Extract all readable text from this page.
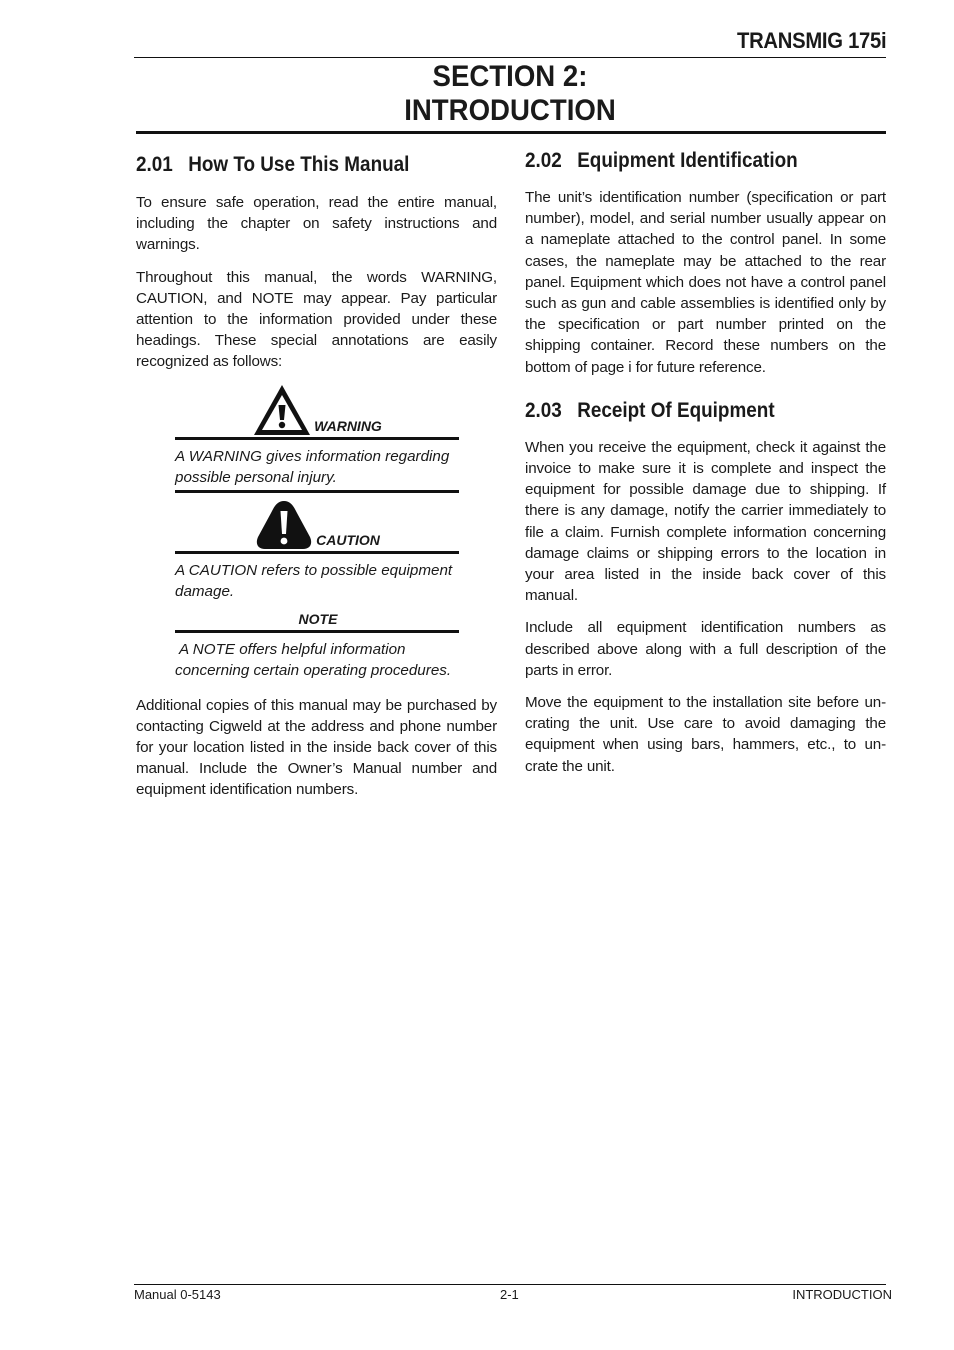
TRANSMIG 175i
SECTION 2:
INTRODUCTION
2.01 How To Use This Manual

To ensure safe operation, read the entire manual, including the chapter on safety instructions and warnings.

Throughout this manual, the words WARNING, CAUTION, and NOTE may appear. Pay particular attention to the information provided under these headings. These special annotations are easily recognized as follows:

WARNING
A WARNING gives information regarding possible personal injury.
CAUTION
A CAUTION refers to possible equipment damage.
NOTE
A NOTE offers helpful information concerning certain operating procedures.

Additional copies of this manual may be purchased by contacting Cigweld at the address and phone number for your location listed in the inside back cover of this manual. Include the Owner’s Manual number and equipment identification numbers.

2.02 Equipment Identification

The unit’s identification number (specification or part number), model, and serial number usually appear on a nameplate attached to the control panel. In some cases, the nameplate may be attached to the rear panel. Equipment which does not have a control panel such as gun and cable assemblies is identified only by the specification or part number printed on the shipping container. Record these numbers on the bottom of page i for future reference.

2.03 Receipt Of Equipment

When you receive the equipment, check it against the invoice to make sure it is complete and inspect the equipment for possible damage due to shipping. If there is any damage, notify the carrier immediately to file a claim. Furnish complete information concerning damage claims or shipping errors to the location in your area listed in the inside back cover of this manual.

Include all equipment identification numbers as described above along with a full description of the parts in error.

Move the equipment to the installation site before un-crating the unit. Use care to avoid damaging the equipment when using bars, hammers, etc., to un-crate the unit.

Manual 0-5143	2-1	INTRODUCTION
